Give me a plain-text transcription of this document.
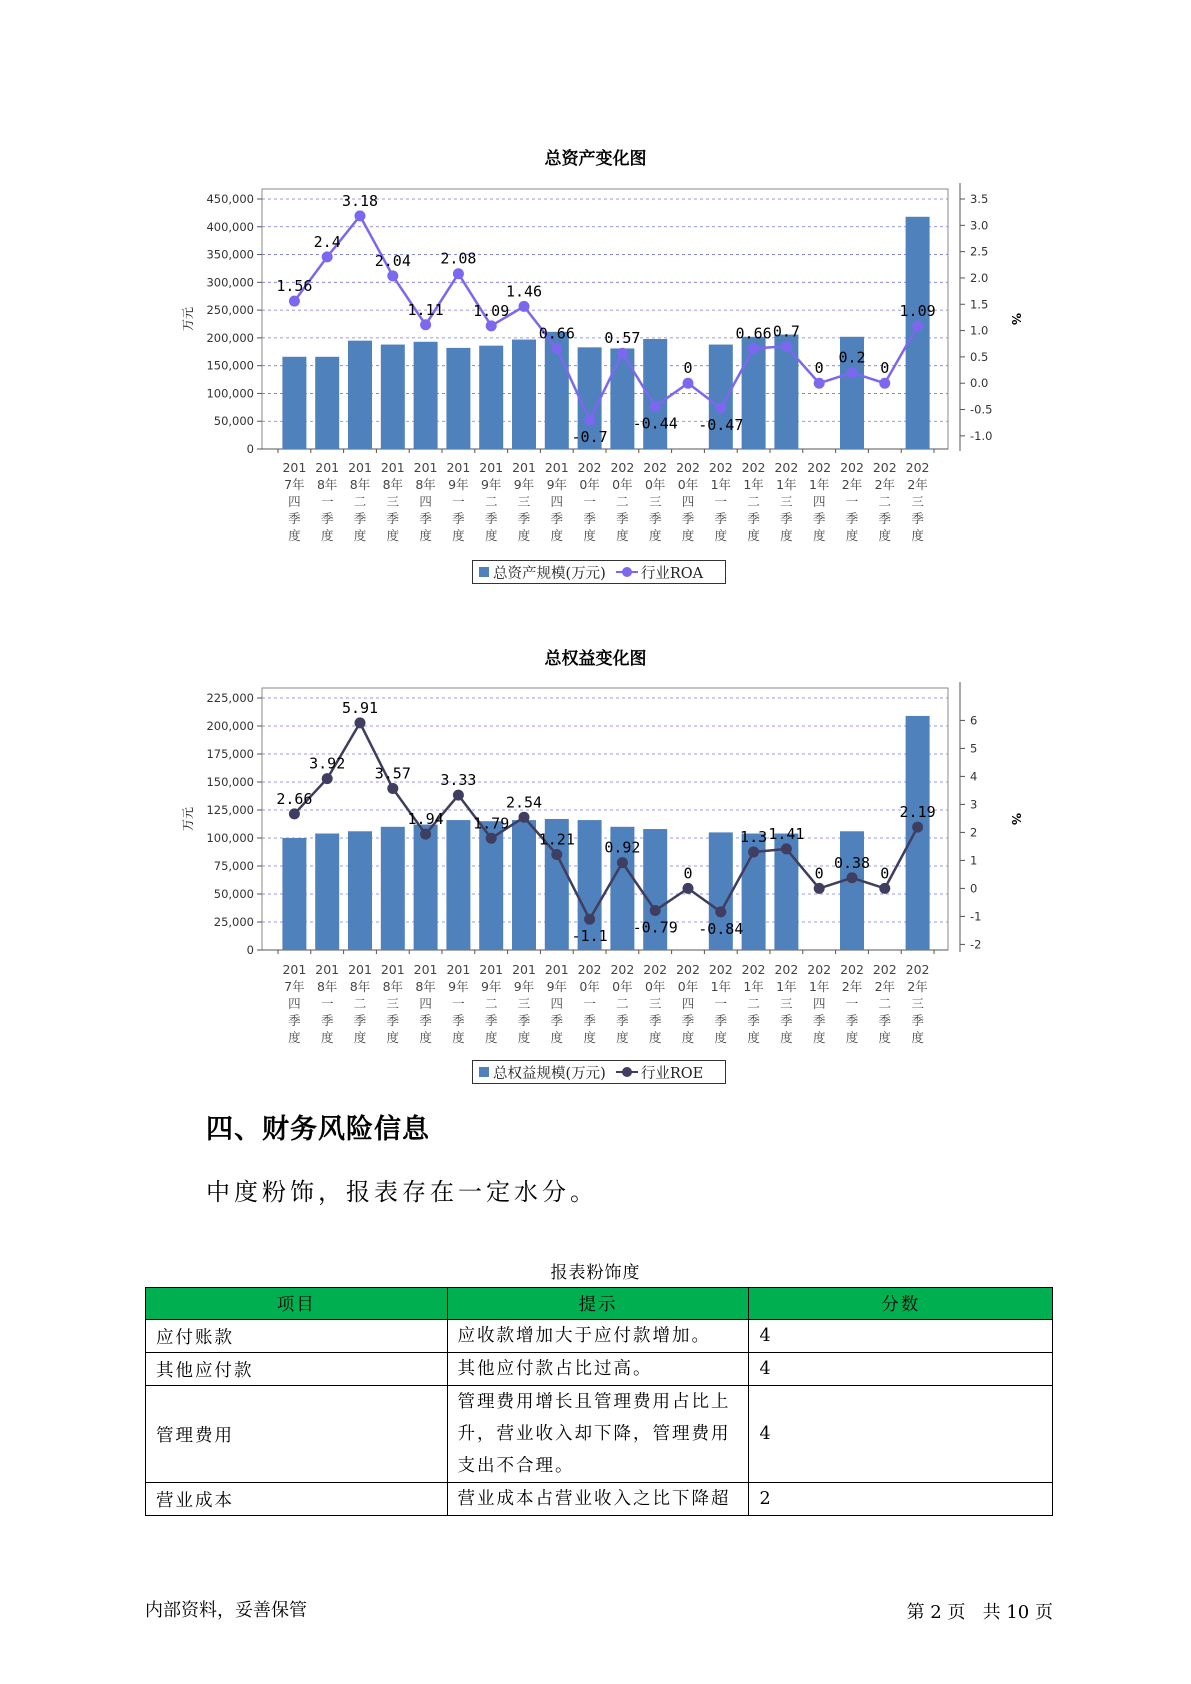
总资产变化图
0
50,000
100,000
150,000
200,000
250,000
300,000
350,000
400,000
450,000
万元
-1.0
-0.5
0.0
0.5
1.0
1.5
2.0
2.5
3.0
3.5
%
1.56
2.4
3.18
2.04
1.11
2.08
1.09
1.46
0.66
-0.7
0.57
-0.44
0
-0.47
0.66 0.7
0
0.2
0
1.09
201 201 201 201 201 201 201 201 201 202 202 202 202 202 202 202 202 202 202 202
7年 8年 8年 8年 8年 9年 9年 9年 9年 0年 0年 0年 0年 1年 1年 1年 1年 2年 2年 2年
四 一 二 三 四 一 二 三 四 一 二 三 四 一 二 三 四 一 二 三
季 季 季 季 季 季 季 季 季 季 季 季 季 季 季 季 季 季 季 季
度 度 度 度 度 度 度 度 度 度 度 度 度 度 度 度 度 度 度 度
总资产规模(万元) 行业ROA
总权益变化图
0
25,000
50,000
75,000
100,000
125,000
150,000
175,000
200,000
225,000
万元
-2
-1
0
1
2
3
4
5
6
%
2.66
3.92
5.91
3.57
1.94
3.33
1.79
2.54
1.21
-1.1
0.92
-0.79
0
-0.84
1.3 1.41
0
0.38
0
2.19
201 201 201 201 201 201 201 201 201 202 202 202 202 202 202 202 202 202 202 202
7年 8年 8年 8年 8年 9年 9年 9年 9年 0年 0年 0年 0年 1年 1年 1年 1年 2年 2年 2年
四 一 二 三 四 一 二 三 四 一 二 三 四 一 二 三 四 一 二 三
季 季 季 季 季 季 季 季 季 季 季 季 季 季 季 季 季 季 季 季
度 度 度 度 度 度 度 度 度 度 度 度 度 度 度 度 度 度 度 度
总权益规模(万元) 行业ROE
四、财务风险信息
中度粉饰，报表存在一定水分。
报表粉饰度
项目	提示	分数
应付账款	应收款增加大于应付款增加。	4
其他应付款	其他应付款占比过高。	4
管理费用	管理费用增长且管理费用占比上升，营业收入却下降，管理费用支出不合理。	4
营业成本	营业成本占营业收入之比下降超	2
内部资料，妥善保管	第 2 页   共 10 页
